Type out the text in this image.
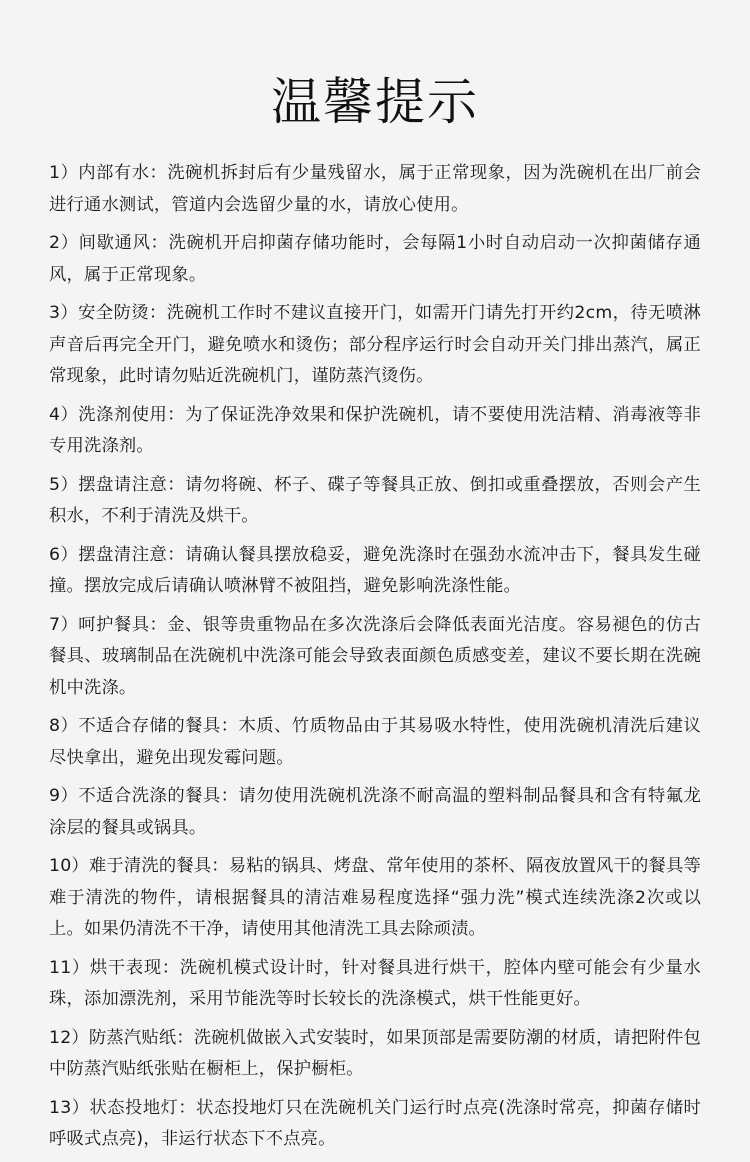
温馨提示
1）内部有水：洗碗机拆封后有少量残留水，属于正常现象，因为洗碗机在出厂前会进行通水测试，管道内会选留少量的水，请放心使用。
2）间歇通风：洗碗机开启抑菌存储功能时，会每隔1小时自动启动一次抑菌储存通风，属于正常现象。
3）安全防烫：洗碗机工作时不建议直接开门，如需开门请先打开约2cm，待无喷淋声音后再完全开门，避免喷水和烫伤；部分程序运行时会自动开关门排出蒸汽，属正常现象，此时请勿贴近洗碗机门，谨防蒸汽烫伤。
4）洗涤剂使用：为了保证洗净效果和保护洗碗机，请不要使用洗洁精、消毒液等非专用洗涤剂。
5）摆盘请注意：请勿将碗、杯子、碟子等餐具正放、倒扣或重叠摆放，否则会产生积水，不利于清洗及烘干。
6）摆盘清注意：请确认餐具摆放稳妥，避免洗涤时在强劲水流冲击下，餐具发生碰撞。摆放完成后请确认喷淋臂不被阻挡，避免影响洗涤性能。
7）呵护餐具：金、银等贵重物品在多次洗涤后会降低表面光洁度。容易褪色的仿古餐具、玻璃制品在洗碗机中洗涤可能会导致表面颜色质感变差，建议不要长期在洗碗机中洗涤。
8）不适合存储的餐具：木质、竹质物品由于其易吸水特性，使用洗碗机清洗后建议尽快拿出，避免出现发霉问题。
9）不适合洗涤的餐具：请勿使用洗碗机洗涤不耐高温的塑料制品餐具和含有特氟龙涂层的餐具或锅具。
10）难于清洗的餐具：易粘的锅具、烤盘、常年使用的茶杯、隔夜放置风干的餐具等难于清洗的物件，请根据餐具的清洁难易程度选择“强力洗”模式连续洗涤2次或以上。如果仍清洗不干净，请使用其他清洗工具去除顽渍。
11）烘干表现：洗碗机模式设计时，针对餐具进行烘干，腔体内壁可能会有少量水珠，添加漂洗剂，采用节能洗等时长较长的洗涤模式，烘干性能更好。
12）防蒸汽贴纸：洗碗机做嵌入式安装时，如果顶部是需要防潮的材质，请把附件包中防蒸汽贴纸张贴在橱柜上，保护橱柜。
13）状态投地灯：状态投地灯只在洗碗机关门运行时点亮(洗涤时常亮，抑菌存储时呼吸式点亮)，非运行状态下不点亮。
